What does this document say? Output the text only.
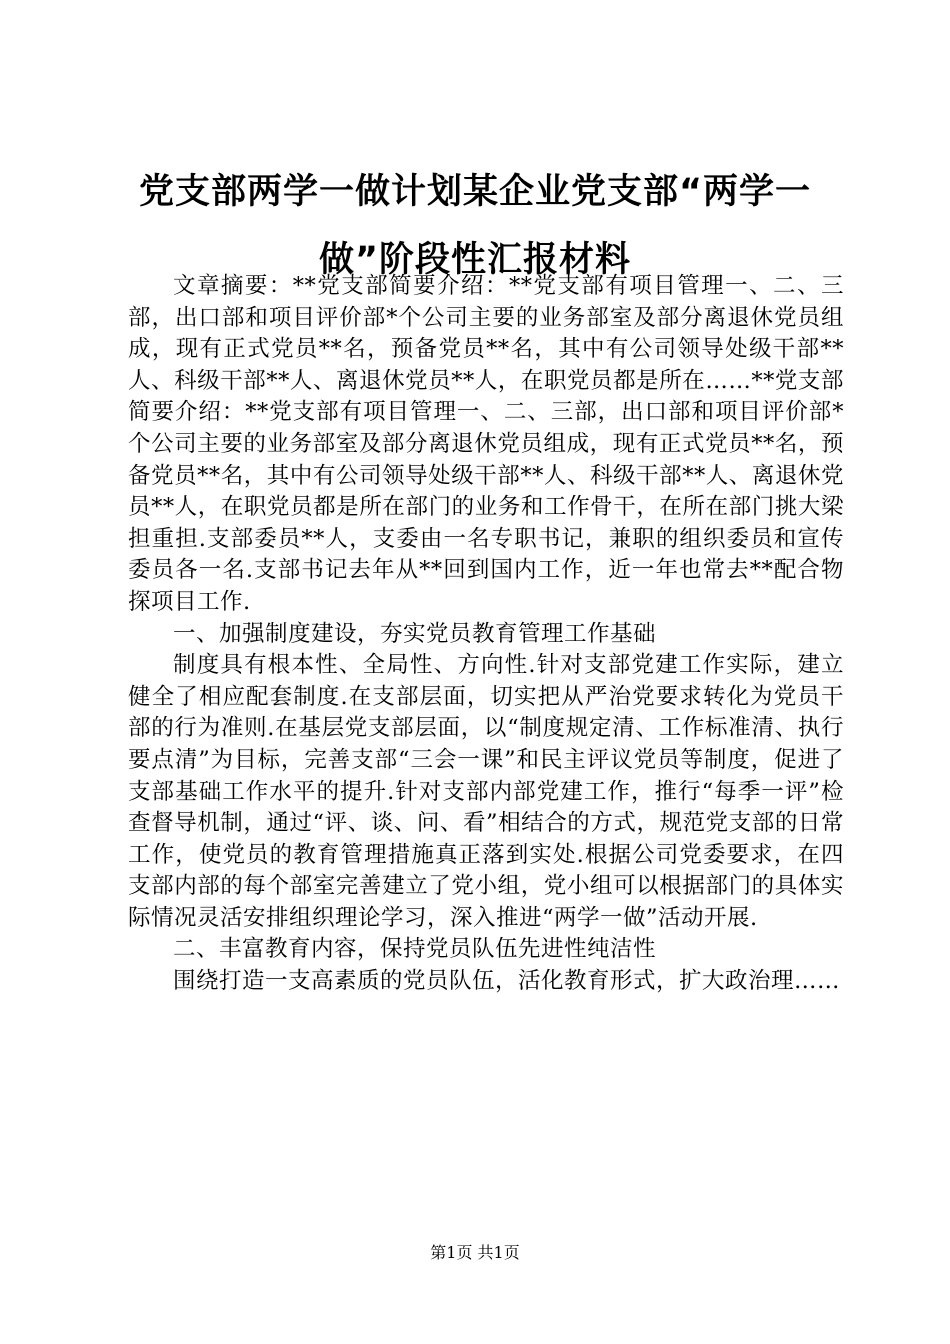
党支部两学一做计划某企业党支部“两学一做”阶段性汇报材料

文章摘要：**党支部简要介绍：**党支部有项目管理一、二、三部，出口部和项目评价部*个公司主要的业务部室及部分离退休党员组成，现有正式党员**名，预备党员**名，其中有公司领导处级干部**人、科级干部**人、离退休党员**人，在职党员都是所在……**党支部简要介绍：**党支部有项目管理一、二、三部，出口部和项目评价部*个公司主要的业务部室及部分离退休党员组成，现有正式党员**名，预备党员**名，其中有公司领导处级干部**人、科级干部**人、离退休党员**人，在职党员都是所在部门的业务和工作骨干，在所在部门挑大梁担重担.支部委员**人，支委由一名专职书记，兼职的组织委员和宣传委员各一名.支部书记去年从**回到国内工作，近一年也常去**配合物探项目工作.

一、加强制度建设，夯实党员教育管理工作基础

制度具有根本性、全局性、方向性.针对支部党建工作实际，建立健全了相应配套制度.在支部层面，切实把从严治党要求转化为党员干部的行为准则.在基层党支部层面，以“制度规定清、工作标准清、执行要点清”为目标，完善支部“三会一课”和民主评议党员等制度，促进了支部基础工作水平的提升.针对支部内部党建工作，推行“每季一评”检查督导机制，通过“评、谈、问、看”相结合的方式，规范党支部的日常工作，使党员的教育管理措施真正落到实处.根据公司党委要求，在四支部内部的每个部室完善建立了党小组，党小组可以根据部门的具体实际情况灵活安排组织理论学习，深入推进“两学一做”活动开展.

二、丰富教育内容，保持党员队伍先进性纯洁性

围绕打造一支高素质的党员队伍，活化教育形式，扩大政治理……

第1页 共1页
